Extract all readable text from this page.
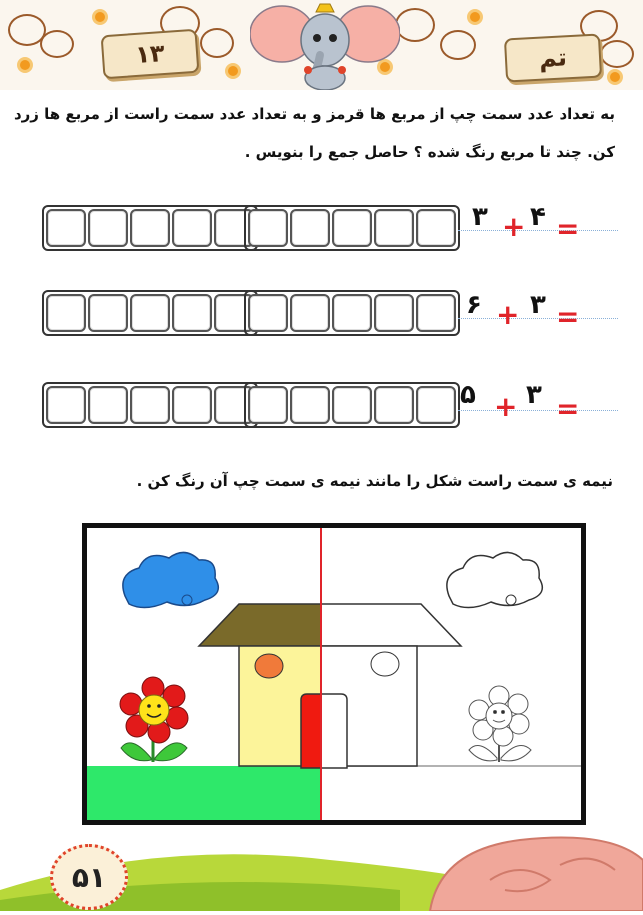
١٣	تم
به تعداد عدد سمت چپ از مربع ها قرمز و به تعداد عدد سمت راست از مربع ها زرد
کن. چند تا مربع رنگ شده ؟ حاصل جمع را بنویس .
=
۴
+
۳
=
۳
+
۶
=
۳
+
۵
نیمه ی سمت راست شکل را مانند نیمه ی سمت چپ آن رنگ کن .
۵۱
